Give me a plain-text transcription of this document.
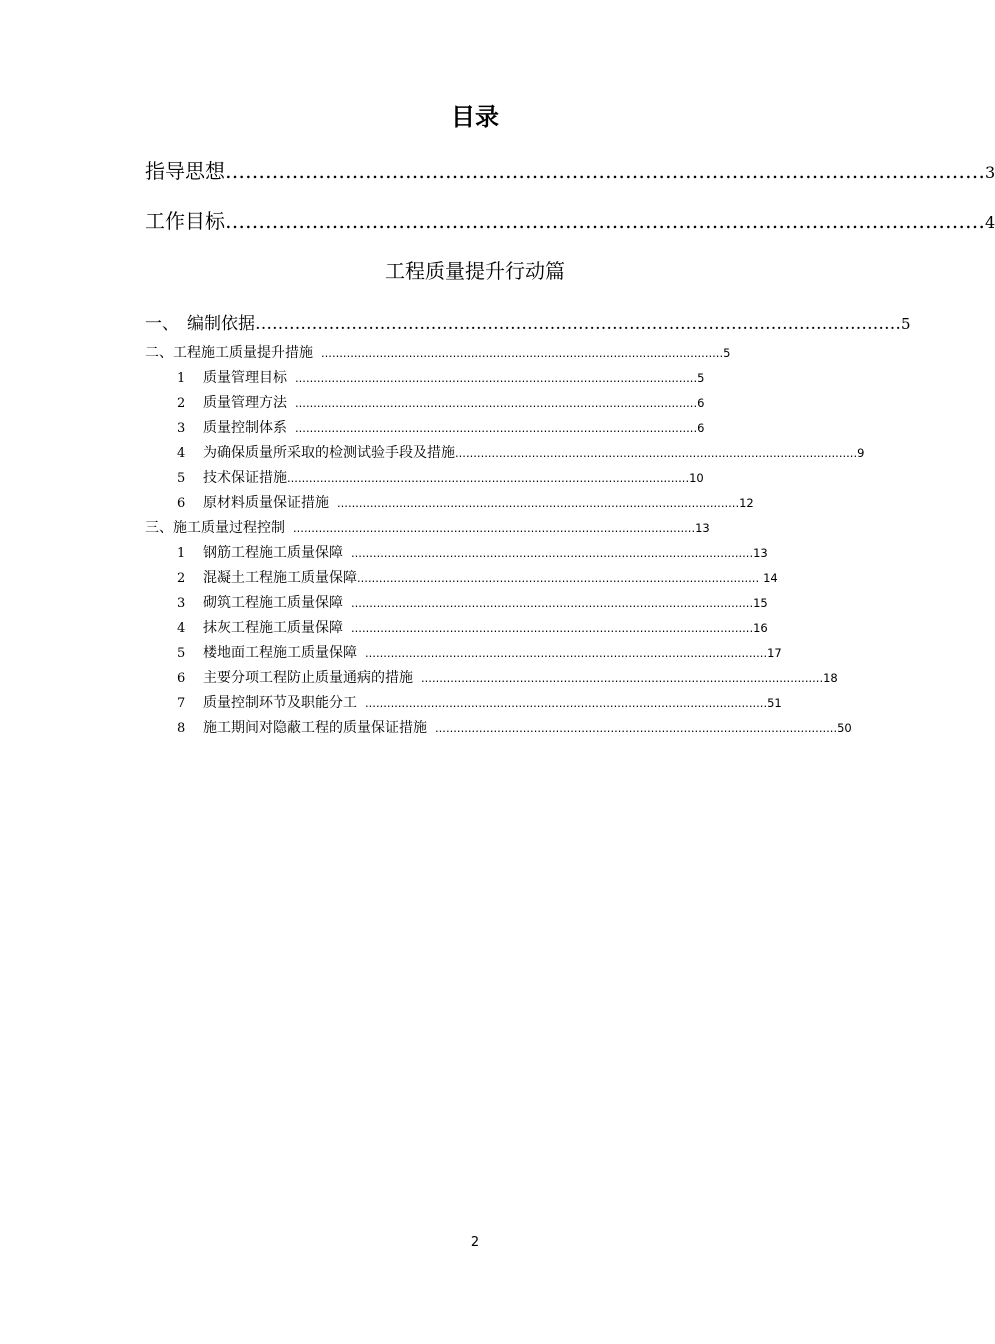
目录
指导思想 …………………………………………………………………………………………………… 3
工作目标 …………………………………………………………………………………………………… 4
工程质量提升行动篇
一、 编制依据 …………………………………………………………………………………………………… 5
二、工程施工质量提升措施 .............................................................................................................. 5
1	质量管理目标 .............................................................................................................. 5
2	质量管理方法 .............................................................................................................. 6
3	质量控制体系 .............................................................................................................. 6
4	为确保质量所采取的检测试验手段及措施 .............................................................................................................. 9
5	技术保证措施 .............................................................................................................. 10
6	原材料质量保证措施 .............................................................................................................. 12
三、施工质量过程控制 .............................................................................................................. 13
1	钢筋工程施工质量保障 .............................................................................................................. 13
2	混凝土工程施工质量保障 .............................................................................................................. 14
3	砌筑工程施工质量保障 .............................................................................................................. 15
4	抹灰工程施工质量保障 .............................................................................................................. 16
5	楼地面工程施工质量保障 .............................................................................................................. 17
6	主要分项工程防止质量通病的措施 .............................................................................................................. 18
7	质量控制环节及职能分工 .............................................................................................................. 51
8	施工期间对隐蔽工程的质量保证措施 .............................................................................................................. 50
2
